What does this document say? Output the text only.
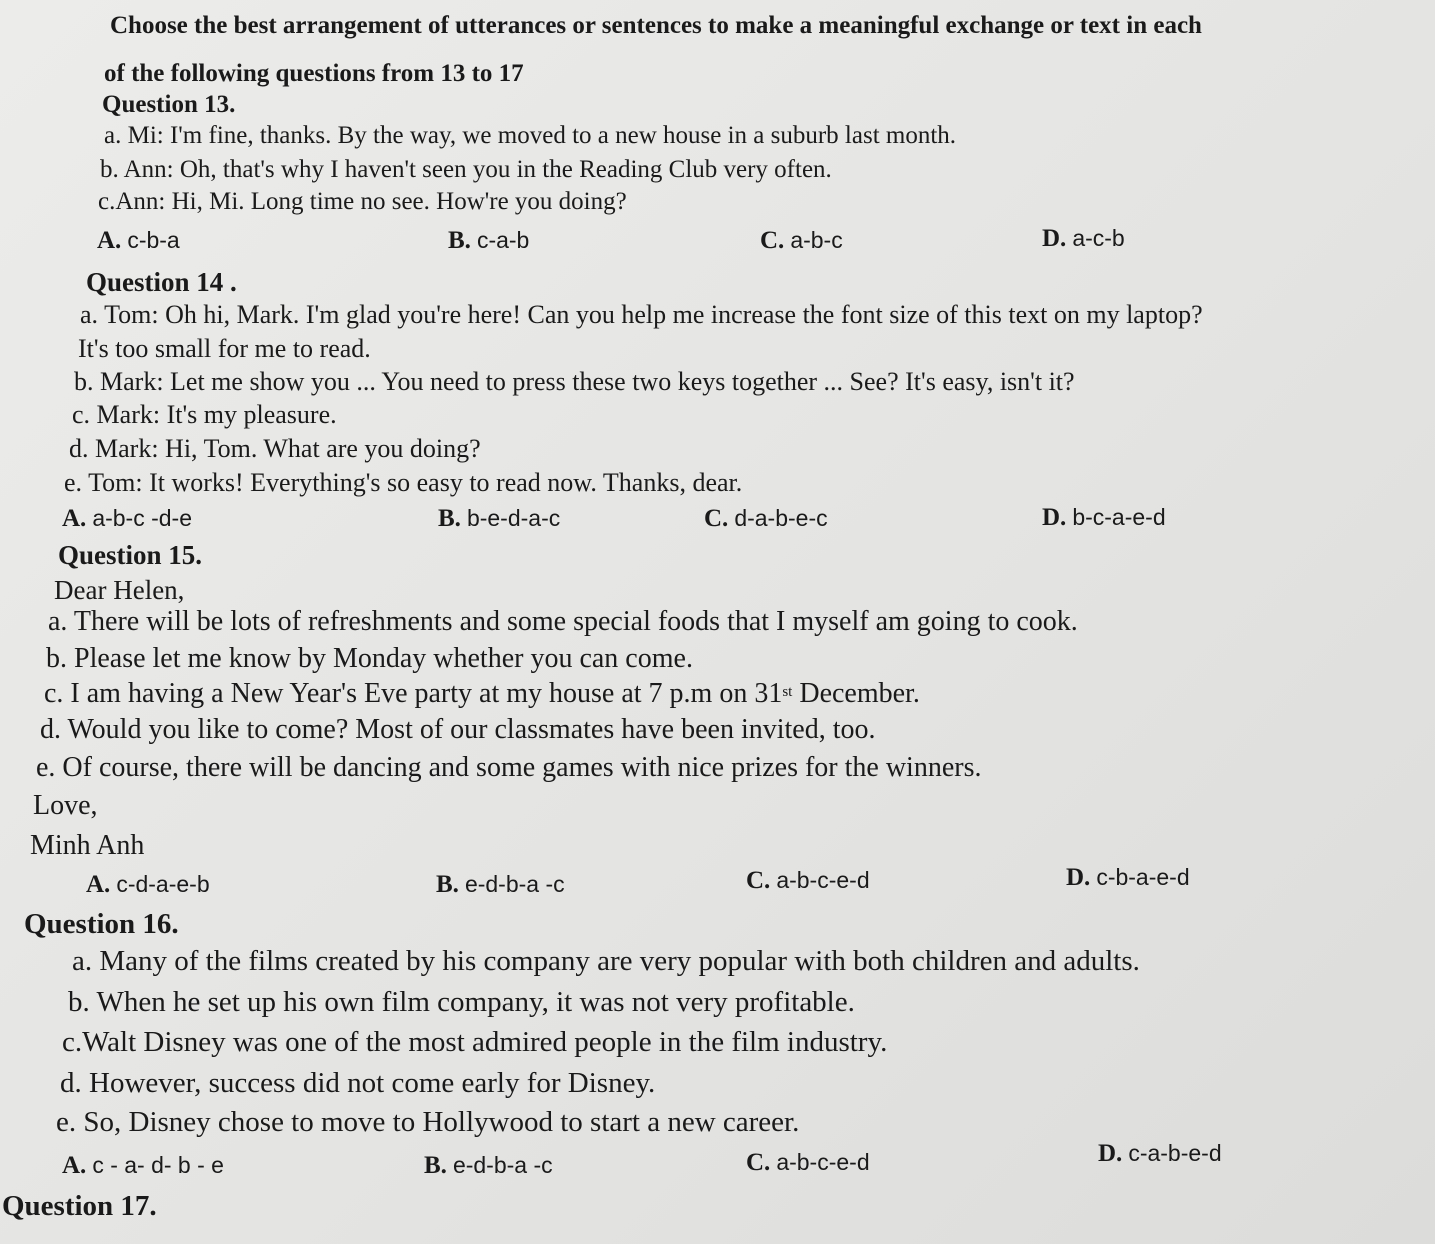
Choose the best arrangement of utterances or sentences to make a meaningful exchange or text in each
of the following questions from 13 to 17
Question 13.
a. Mi: I'm fine, thanks. By the way, we moved to a new house in a suburb last month.
b. Ann: Oh, that's why I haven't seen you in the Reading Club very often.
c.Ann: Hi, Mi. Long time no see. How're you doing?
A. c-b-a	B. c-a-b	C. a-b-c	D. a-c-b
Question 14 .
a. Tom: Oh hi, Mark. I'm glad you're here! Can you help me increase the font size of this text on my laptop?
It's too small for me to read.
b. Mark: Let me show you ... You need to press these two keys together ... See? It's easy, isn't it?
c. Mark: It's my pleasure.
d. Mark: Hi, Tom. What are you doing?
e. Tom: It works! Everything's so easy to read now. Thanks, dear.
A. a-b-c -d-e	B. b-e-d-a-c	C. d-a-b-e-c	D. b-c-a-e-d
Question 15.
Dear Helen,
a. There will be lots of refreshments and some special foods that I myself am going to cook.
b. Please let me know by Monday whether you can come.
c. I am having a New Year's Eve party at my house at 7 p.m on 31st December.
d. Would you like to come? Most of our classmates have been invited, too.
e. Of course, there will be dancing and some games with nice prizes for the winners.
Love,
Minh Anh
A. c-d-a-e-b	B. e-d-b-a -c	C. a-b-c-e-d	D. c-b-a-e-d
Question 16.
a. Many of the films created by his company are very popular with both children and adults.
b. When he set up his own film company, it was not very profitable.
c.Walt Disney was one of the most admired people in the film industry.
d. However, success did not come early for Disney.
e. So, Disney chose to move to Hollywood to start a new career.
A. c - a- d- b - e	B. e-d-b-a -c	C. a-b-c-e-d	D. c-a-b-e-d
Question 17.
